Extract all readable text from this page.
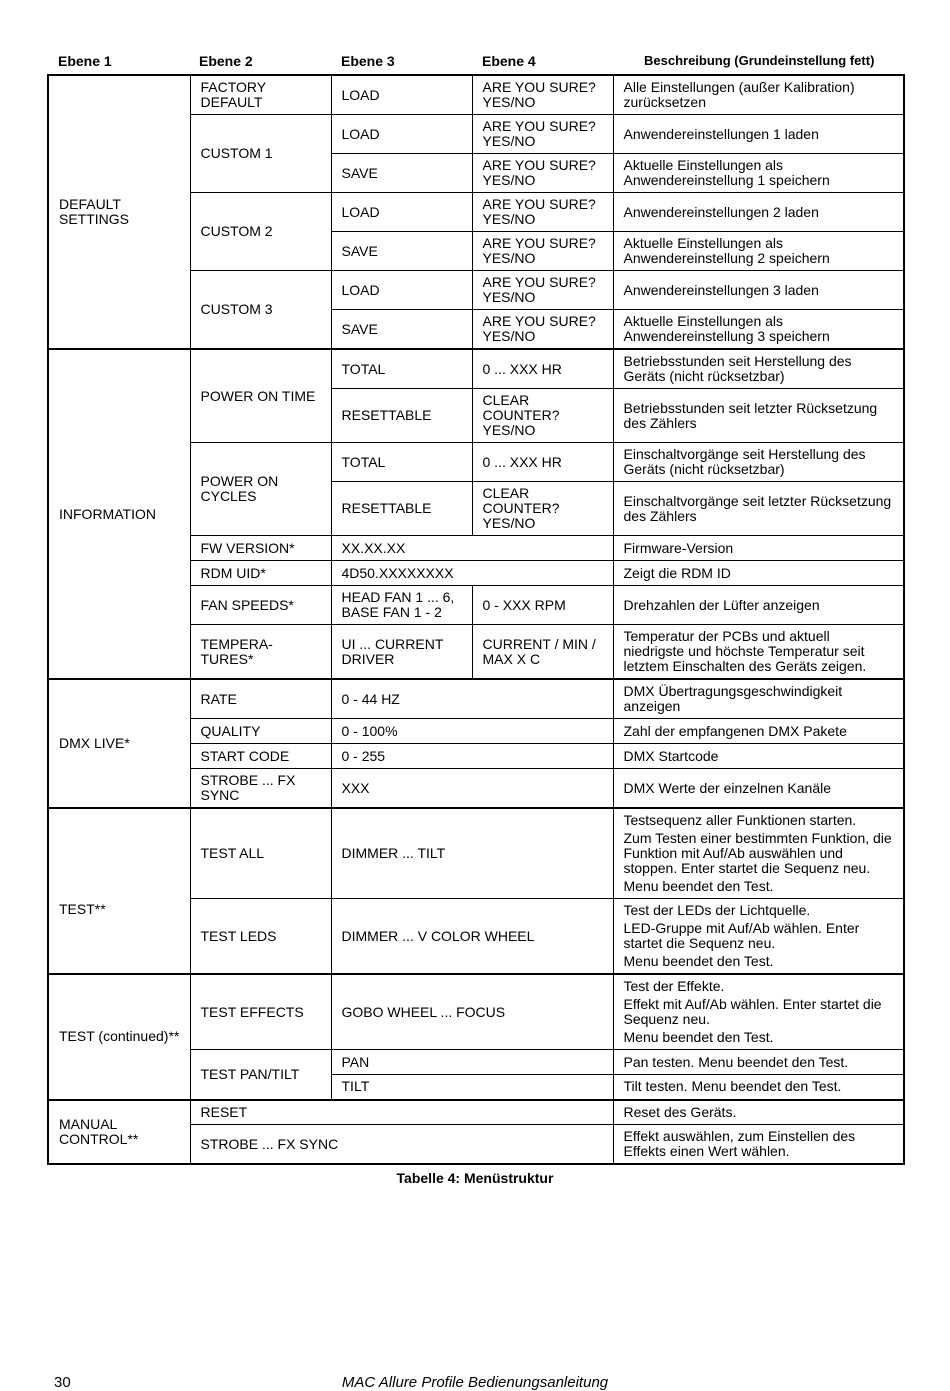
Ebene 1	Ebene 2	Ebene 3	Ebene 4	Beschreibung (Grundeinstellung fett)
DEFAULT SETTINGS	FACTORY DEFAULT	LOAD	ARE YOU SURE? YES/NO	Alle Einstellungen (außer Kalibration) zurücksetzen
	CUSTOM 1	LOAD	ARE YOU SURE? YES/NO	Anwendereinstellungen 1 laden
		SAVE	ARE YOU SURE? YES/NO	Aktuelle Einstellungen als Anwendereinstellung 1 speichern
	CUSTOM 2	LOAD	ARE YOU SURE? YES/NO	Anwendereinstellungen 2 laden
		SAVE	ARE YOU SURE? YES/NO	Aktuelle Einstellungen als Anwendereinstellung 2 speichern
	CUSTOM 3	LOAD	ARE YOU SURE? YES/NO	Anwendereinstellungen 3 laden
		SAVE	ARE YOU SURE? YES/NO	Aktuelle Einstellungen als Anwendereinstellung 3 speichern
INFORMATION	POWER ON TIME	TOTAL	0 ... XXX HR	Betriebsstunden seit Herstellung des Geräts (nicht rücksetzbar)
		RESETTABLE	CLEAR COUNTER? YES/NO	Betriebsstunden seit letzter Rücksetzung des Zählers
	POWER ON CYCLES	TOTAL	0 ... XXX HR	Einschaltvorgänge seit Herstellung des Geräts (nicht rücksetzbar)
		RESETTABLE	CLEAR COUNTER? YES/NO	Einschaltvorgänge seit letzter Rücksetzung des Zählers
	FW VERSION*	XX.XX.XX		Firmware-Version
	RDM UID*	4D50.XXXXXXXX		Zeigt die RDM ID
	FAN SPEEDS*	HEAD FAN 1 ... 6, BASE FAN 1 - 2	0 - XXX RPM	Drehzahlen der Lüfter anzeigen
	TEMPERA-TURES*	UI ... CURRENT DRIVER	CURRENT / MIN / MAX X C	Temperatur der PCBs und aktuell niedrigste und höchste Temperatur seit letztem Einschalten des Geräts zeigen.
DMX LIVE*	RATE	0 - 44 HZ		DMX Übertragungsgeschwindigkeit anzeigen
	QUALITY	0 - 100%		Zahl der empfangenen DMX Pakete
	START CODE	0 - 255		DMX Startcode
	STROBE ... FX SYNC	XXX		DMX Werte der einzelnen Kanäle
TEST**	TEST ALL	DIMMER ... TILT		Testsequenz aller Funktionen starten.

Zum Testen einer bestimmten Funktion, die Funktion mit Auf/Ab auswählen und stoppen. Enter startet die Sequenz neu.

Menu beendet den Test.

	TEST LEDS	DIMMER ... V COLOR WHEEL		Test der LEDs der Lichtquelle.

LED-Gruppe mit Auf/Ab wählen. Enter startet die Sequenz neu.

Menu beendet den Test.

TEST (continued)**	TEST EFFECTS	GOBO WHEEL ... FOCUS		Test der Effekte.

Effekt mit Auf/Ab wählen. Enter startet die Sequenz neu.

Menu beendet den Test.

	TEST PAN/TILT	PAN		Pan testen. Menu beendet den Test.
		TILT		Tilt testen. Menu beendet den Test.
MANUAL CONTROL**	RESET			Reset des Geräts.
	STROBE ... FX SYNC			Effekt auswählen, zum Einstellen des Effekts einen Wert wählen.
Tabelle 4: Menüstruktur
30	MAC Allure Profile Bedienungsanleitung
